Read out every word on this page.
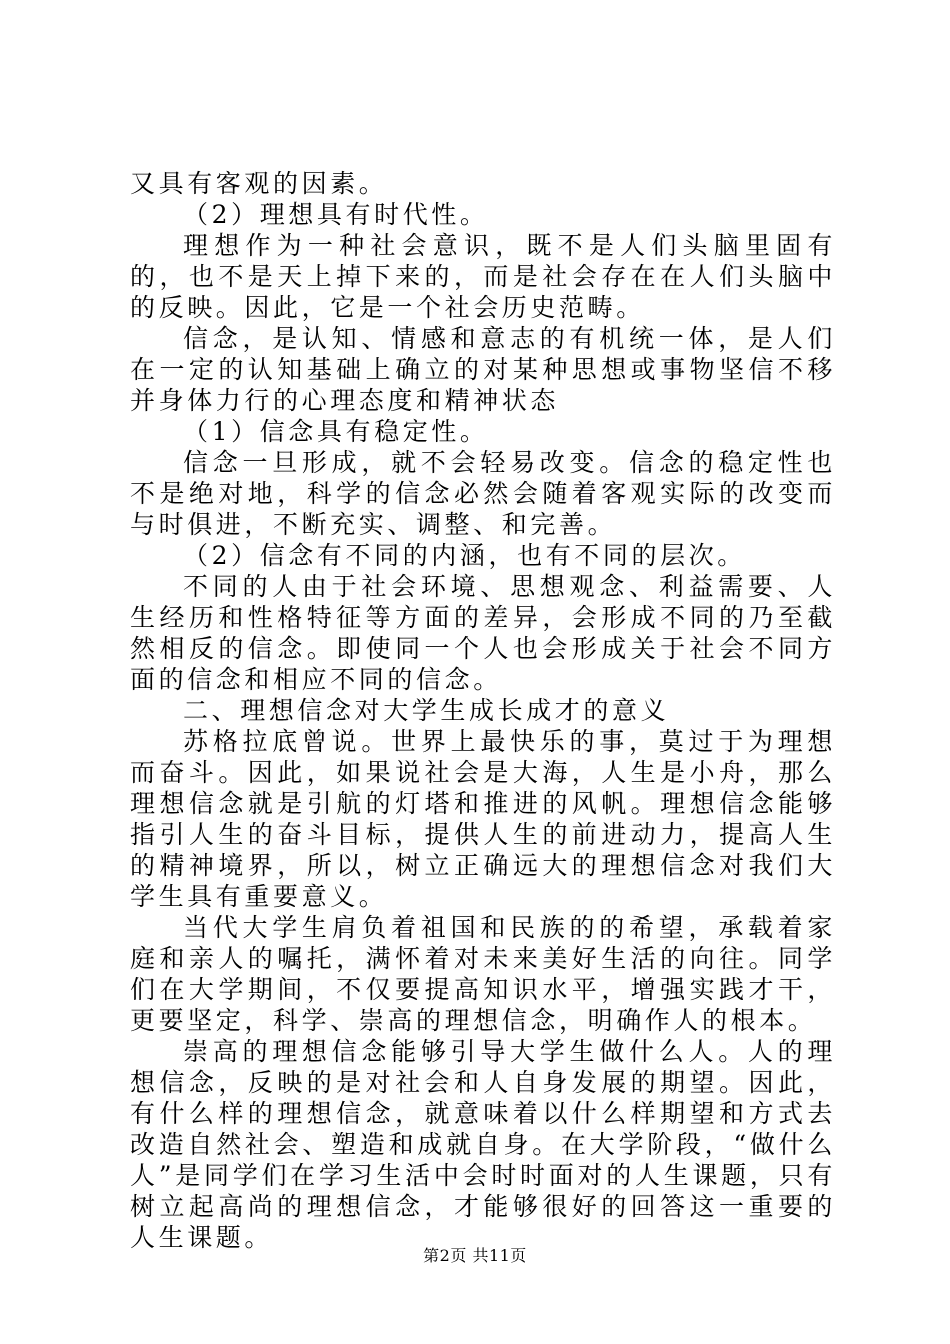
又具有客观的因素。

（2）理想具有时代性。

理想作为一种社会意识，既不是人们头脑里固有的，也不是天上掉下来的，而是社会存在在人们头脑中的反映。因此，它是一个社会历史范畴。

信念，是认知、情感和意志的有机统一体，是人们在一定的认知基础上确立的对某种思想或事物坚信不移并身体力行的心理态度和精神状态

（1）信念具有稳定性。

信念一旦形成，就不会轻易改变。信念的稳定性也不是绝对地，科学的信念必然会随着客观实际的改变而与时俱进，不断充实、调整、和完善。

（2）信念有不同的内涵，也有不同的层次。

不同的人由于社会环境、思想观念、利益需要、人生经历和性格特征等方面的差异，会形成不同的乃至截然相反的信念。即使同一个人也会形成关于社会不同方面的信念和相应不同的信念。

二、理想信念对大学生成长成才的意义

苏格拉底曾说。世界上最快乐的事，莫过于为理想而奋斗。因此，如果说社会是大海，人生是小舟，那么理想信念就是引航的灯塔和推进的风帆。理想信念能够指引人生的奋斗目标，提供人生的前进动力，提高人生的精神境界，所以，树立正确远大的理想信念对我们大学生具有重要意义。

当代大学生肩负着祖国和民族的的希望，承载着家庭和亲人的嘱托，满怀着对未来美好生活的向往。同学们在大学期间，不仅要提高知识水平，增强实践才干，更要坚定，科学、崇高的理想信念，明确作人的根本。

崇高的理想信念能够引导大学生做什么人。人的理想信念，反映的是对社会和人自身发展的期望。因此，有什么样的理想信念，就意味着以什么样期望和方式去改造自然社会、塑造和成就自身。在大学阶段，“做什么人”是同学们在学习生活中会时时面对的人生课题，只有树立起高尚的理想信念，才能够很好的回答这一重要的人生课题。

第2页 共11页
